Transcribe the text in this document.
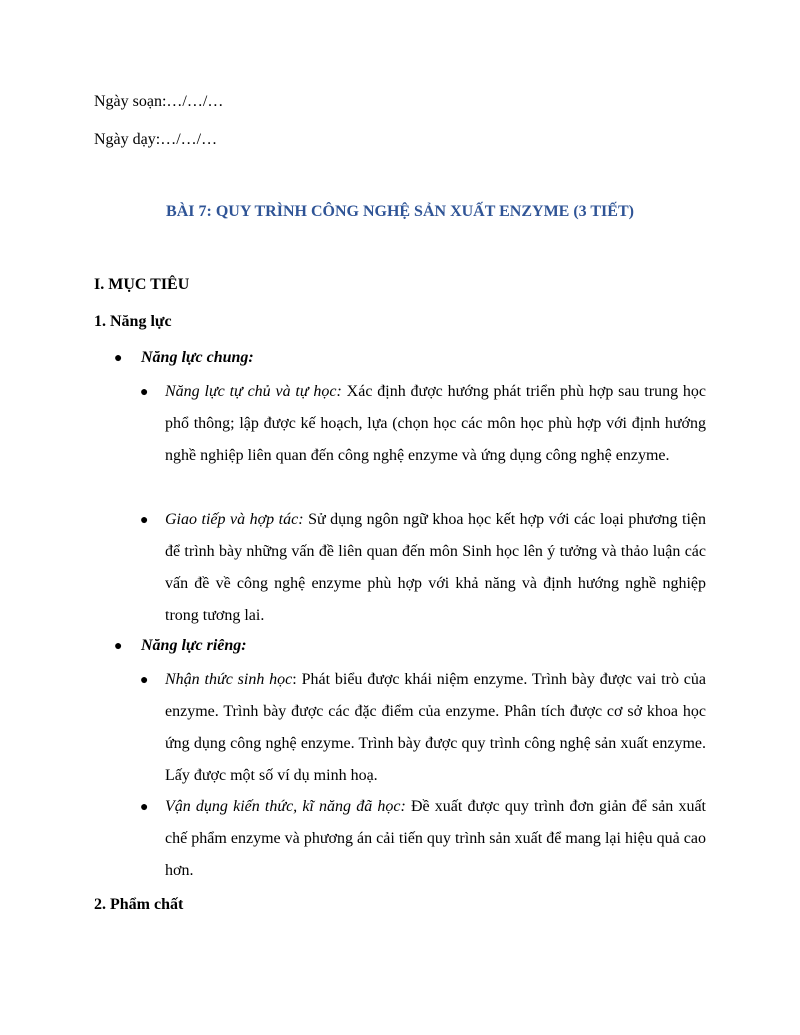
Ngày soạn:…/…/…
Ngày dạy:…/…/…
BÀI 7: QUY TRÌNH CÔNG NGHỆ SẢN XUẤT ENZYME (3 TIẾT)
I. MỤC TIÊU
1. Năng lực
● Năng lực chung:
● Năng lực tự chủ và tự học: Xác định được hướng phát triển phù hợp sau trung học phổ thông; lập được kế hoạch, lựa (chọn học các môn học phù hợp với định hướng nghề nghiệp liên quan đến công nghệ enzyme và ứng dụng công nghệ enzyme.
● Giao tiếp và hợp tác: Sử dụng ngôn ngữ khoa học kết hợp với các loại phương tiện để trình bày những vấn đề liên quan đến môn Sinh học lên ý tưởng và thảo luận các vấn đề về công nghệ enzyme phù hợp với khả năng và định hướng nghề nghiệp trong tương lai.
● Năng lực riêng:
● Nhận thức sinh học: Phát biểu được khái niệm enzyme. Trình bày được vai trò của enzyme. Trình bày được các đặc điểm của enzyme. Phân tích được cơ sở khoa học ứng dụng công nghệ enzyme. Trình bày được quy trình công nghệ sản xuất enzyme. Lấy được một số ví dụ minh hoạ.
● Vận dụng kiến thức, kĩ năng đã học: Đề xuất được quy trình đơn giản để sản xuất chế phẩm enzyme và phương án cải tiến quy trình sản xuất để mang lại hiệu quả cao hơn.
2. Phẩm chất
